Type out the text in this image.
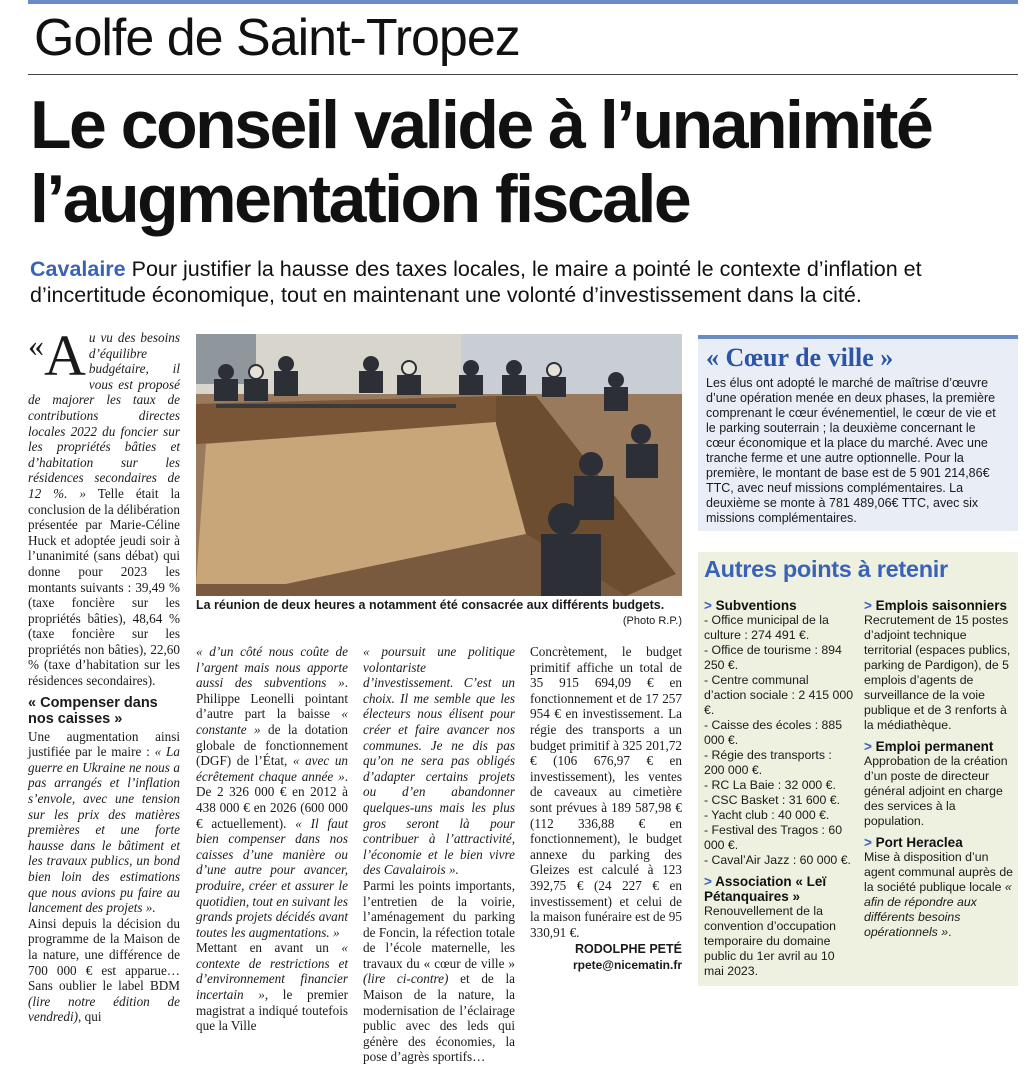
Golfe de Saint-Tropez
Le conseil valide à l’unanimité l’augmentation fiscale
Cavalaire Pour justifier la hausse des taxes locales, le maire a pointé le contexte d’inflation et d’incertitude économique, tout en maintenant une volonté d’investissement dans la cité.

« A u vu des besoins d’équilibre budgétaire, il vous est proposé de majorer les taux de contributions directes locales 2022 du foncier sur les propriétés bâties et d’habitation sur les résidences secondaires de 12 %. » Telle était la conclusion de la délibération présentée par Marie-Céline Huck et adoptée jeudi soir à l’unanimité (sans débat) qui donne pour 2023 les montants suivants : 39,49 % (taxe foncière sur les propriétés bâties), 48,64 % (taxe foncière sur les propriétés non bâties), 22,60 % (taxe d’habitation sur les résidences secondaires).

« Compenser dans nos caisses »

Une augmentation ainsi justifiée par le maire : « La guerre en Ukraine ne nous a pas arrangés et l’inflation s’envole, avec une tension sur les prix des matières premières et une forte hausse dans le bâtiment et les travaux publics, un bond bien loin des estimations que nous avions pu faire au lancement des projets ».

Ainsi depuis la décision du programme de la Maison de la nature, une différence de 700 000 € est apparue… Sans oublier le label BDM (lire notre édition de vendredi), qui

La réunion de deux heures a notamment été consacrée aux différents budgets.
(Photo R.P.)

« d’un côté nous coûte de l’argent mais nous apporte aussi des subventions ». Philippe Leonelli pointant d’autre part la baisse « constante » de la dotation globale de fonctionnement (DGF) de l’État, « avec un écrêtement chaque année ». De 2 326 000 € en 2012 à 438 000 € en 2026 (600 000 € actuellement). « Il faut bien compenser dans nos caisses d’une manière ou d’une autre pour avancer, produire, créer et assurer le quotidien, tout en suivant les grands projets décidés avant toutes les augmentations. »

Mettant en avant un « contexte de restrictions et d’environnement financier incertain », le premier magistrat a indiqué toutefois que la Ville

« poursuit une politique volontariste d’investissement. C’est un choix. Il me semble que les électeurs nous élisent pour créer et faire avancer nos communes. Je ne dis pas qu’on ne sera pas obligés d’adapter certains projets ou d’en abandonner quelques-uns mais les plus gros seront là pour contribuer à l’attractivité, l’économie et le bien vivre des Cavalairois ».

Parmi les points importants, l’entretien de la voirie, l’aménagement du parking de Foncin, la réfection totale de l’école maternelle, les travaux du « cœur de ville » (lire ci-contre) et de la Maison de la nature, la modernisation de l’éclairage public avec des leds qui génère des économies, la pose d’agrès sportifs…

Concrètement, le budget primitif affiche un total de 35 915 694,09 € en fonctionnement et de 17 257 954 € en investissement. La régie des transports a un budget primitif à 325 201,72 € (106 676,97 € en investissement), les ventes de caveaux au cimetière sont prévues à 189 587,98 € (112 336,88 € en fonctionnement), le budget annexe du parking des Gleizes est calculé à 123 392,75 € (24 227 € en investissement) et celui de la maison funéraire est de 95 330,91 €.

RODOLPHE PETÉ
rpete@nicematin.fr
« Cœur de ville »
Les élus ont adopté le marché de maîtrise d’œuvre d’une opération menée en deux phases, la première comprenant le cœur événementiel, le cœur de vie et le parking souterrain ; la deuxième concernant le cœur économique et la place du marché. Avec une tranche ferme et une autre optionnelle. Pour la première, le montant de base est de 5 901 214,86€ TTC, avec neuf missions complémentaires. La deuxième se monte à 781 489,06€ TTC, avec six missions complémentaires.
Autres points à retenir
> Subventions
- Office municipal de la culture : 274 491 €.
- Office de tourisme : 894 250 €.
- Centre communal d’action sociale : 2 415 000 €.
- Caisse des écoles : 885 000 €.
- Régie des transports : 200 000 €.
- RC La Baie : 32 000 €.
- CSC Basket : 31 600 €.
- Yacht club : 40 000 €.
- Festival des Tragos : 60 000 €.
- Caval’Air Jazz : 60 000 €.
> Association « Leï Pétanquaires »
Renouvellement de la convention d’occupation temporaire du domaine public du 1er avril au 10 mai 2023.
> Emplois saisonniers
Recrutement de 15 postes d’adjoint technique territorial (espaces publics, parking de Pardigon), de 5 emplois d’agents de surveillance de la voie publique et de 3 renforts à la médiathèque.
> Emploi permanent
Approbation de la création d’un poste de directeur général adjoint en charge des services à la population.
> Port Heraclea
Mise à disposition d’un agent communal auprès de la société publique locale « afin de répondre aux différents besoins opérationnels ».
